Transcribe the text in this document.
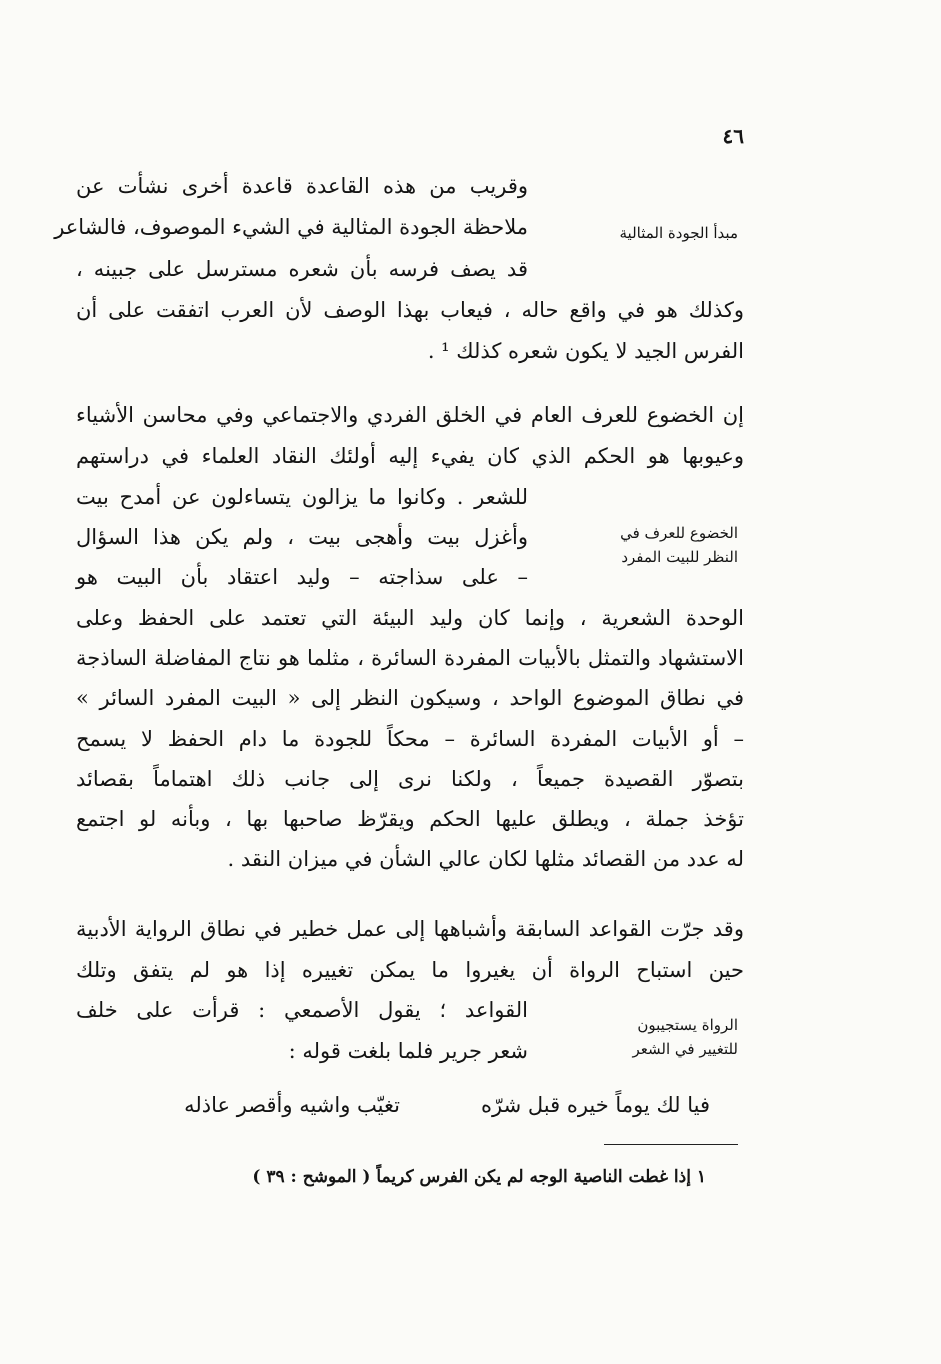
٤٦
وقريب من هذه القاعدة قاعدة أخرى نشأت عن
ملاحظة الجودة المثالية في الشيء الموصوف، فالشاعر
قد يصف فرسه بأن شعره مسترسل على جبينه ،
وكذلك هو في واقع حاله ، فيعاب بهذا الوصف لأن العرب اتفقت على أن
الفرس الجيد لا يكون شعره كذلك ¹ .
مبدأ الجودة المثالية
إن الخضوع للعرف العام في الخلق الفردي والاجتماعي وفي محاسن الأشياء
وعيوبها هو الحكم الذي كان يفيء إليه أولئك النقاد العلماء في دراستهم
للشعر . وكانوا ما يزالون يتساءلون عن أمدح بيت
وأغزل بيت وأهجى بيت ، ولم يكن هذا السؤال
– على سذاجته – وليد اعتقاد بأن البيت هو
الوحدة الشعرية ، وإنما كان وليد البيئة التي تعتمد على الحفظ وعلى
الاستشهاد والتمثل بالأبيات المفردة السائرة ، مثلما هو نتاج المفاضلة الساذجة
في نطاق الموضوع الواحد ، وسيكون النظر إلى « البيت المفرد السائر »
– أو الأبيات المفردة السائرة – محكاً للجودة ما دام الحفظ لا يسمح
بتصوّر القصيدة جميعاً ، ولكنا نرى إلى جانب ذلك اهتماماً بقصائد
تؤخذ جملة ، ويطلق عليها الحكم ويقرّظ صاحبها بها ، وبأنه لو اجتمع
له عدد من القصائد مثلها لكان عالي الشأن في ميزان النقد .
الخضوع للعرف في
النظر للبيت المفرد
وقد جرّت القواعد السابقة وأشباهها إلى عمل خطير في نطاق الرواية الأدبية
حين استباح الرواة أن يغيروا ما يمكن تغييره إذا هو لم يتفق وتلك
القواعد ؛ يقول الأصمعي : قرأت على خلف
شعر جرير فلما بلغت قوله :
الرواة يستجيبون
للتغيير في الشعر
فيا لك يوماً خيره قبل شرّه
تغيّب واشيه وأقصر عاذله
١ إذا غطت الناصية الوجه لم يكن الفرس كريماً ( الموشح : ٣٩ )
